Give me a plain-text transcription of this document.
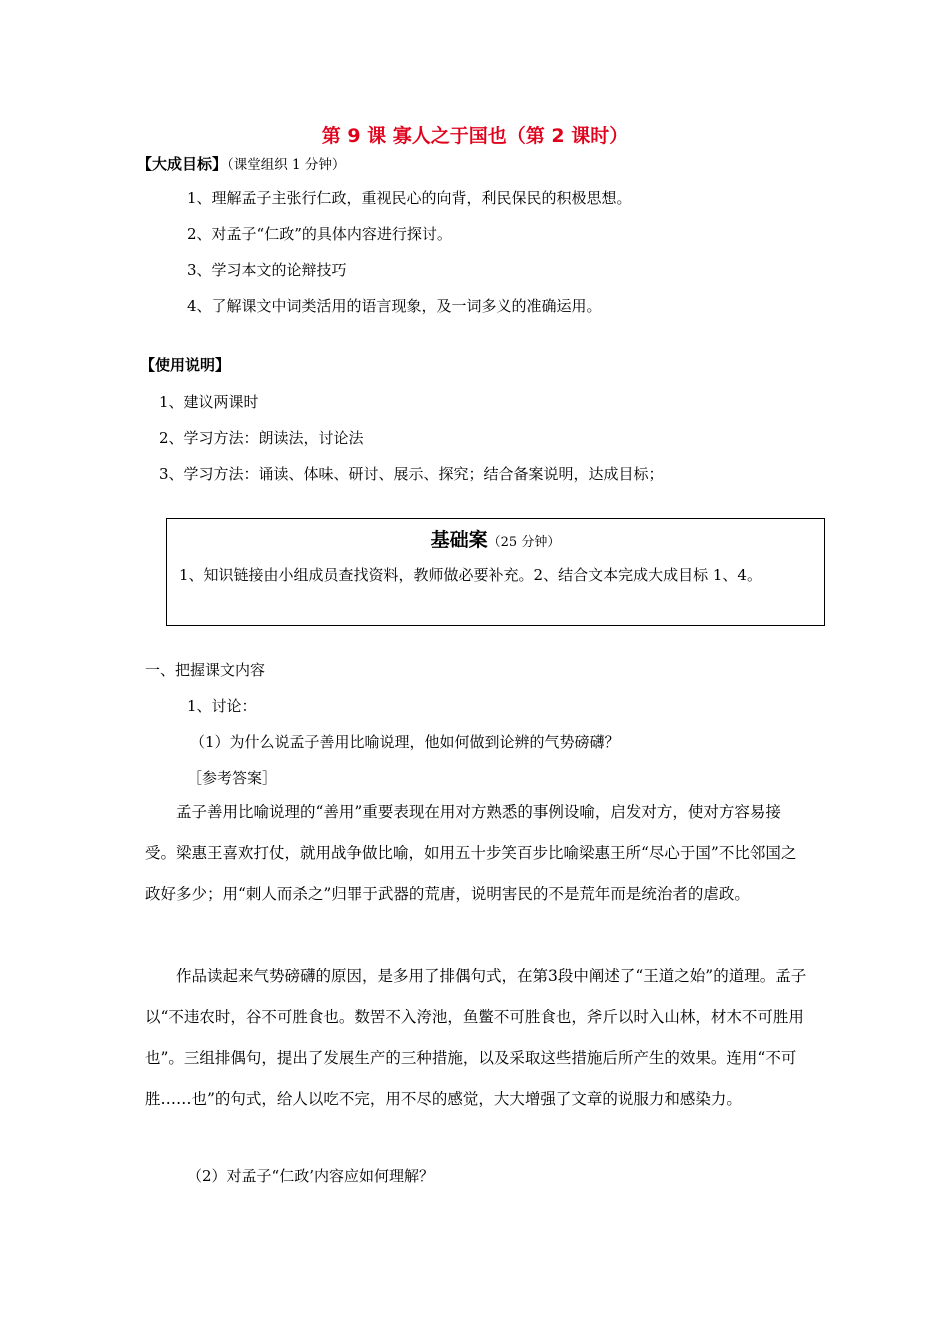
第 9 课 寡人之于国也（第 2 课时）
【大成目标】（课堂组织 1 分钟）
1、理解孟子主张行仁政，重视民心的向背，利民保民的积极思想。
2、对孟子“仁政”的具体内容进行探讨。
3、学习本文的论辩技巧
4、了解课文中词类活用的语言现象，及一词多义的准确运用。
【使用说明】
1、建议两课时
2、学习方法：朗读法，讨论法
3、学习方法：诵读、体味、研讨、展示、探究；结合备案说明，达成目标；
基础案（25 分钟）
1、知识链接由小组成员查找资料，教师做必要补充。2、结合文本完成大成目标 1、4。
一、把握课文内容
1、讨论：
（1）为什么说孟子善用比喻说理，他如何做到论辨的气势磅礴？
［参考答案］
孟子善用比喻说理的“善用”重要表现在用对方熟悉的事例设喻，启发对方，使对方容易接受。梁惠王喜欢打仗，就用战争做比喻，如用五十步笑百步比喻梁惠王所“尽心于国”不比邻国之政好多少；用“刺人而杀之”归罪于武器的荒唐，说明害民的不是荒年而是统治者的虐政。
作品读起来气势磅礴的原因，是多用了排偶句式，在第3段中阐述了“王道之始”的道理。孟子以“不违农时，谷不可胜食也。数罟不入洿池，鱼鳖不可胜食也，斧斤以时入山林，材木不可胜用也”。三组排偶句，提出了发展生产的三种措施，以及采取这些措施后所产生的效果。连用“不可胜……也”的句式，给人以吃不完，用不尽的感觉，大大增强了文章的说服力和感染力。
（2）对孟子“仁政’内容应如何理解？
